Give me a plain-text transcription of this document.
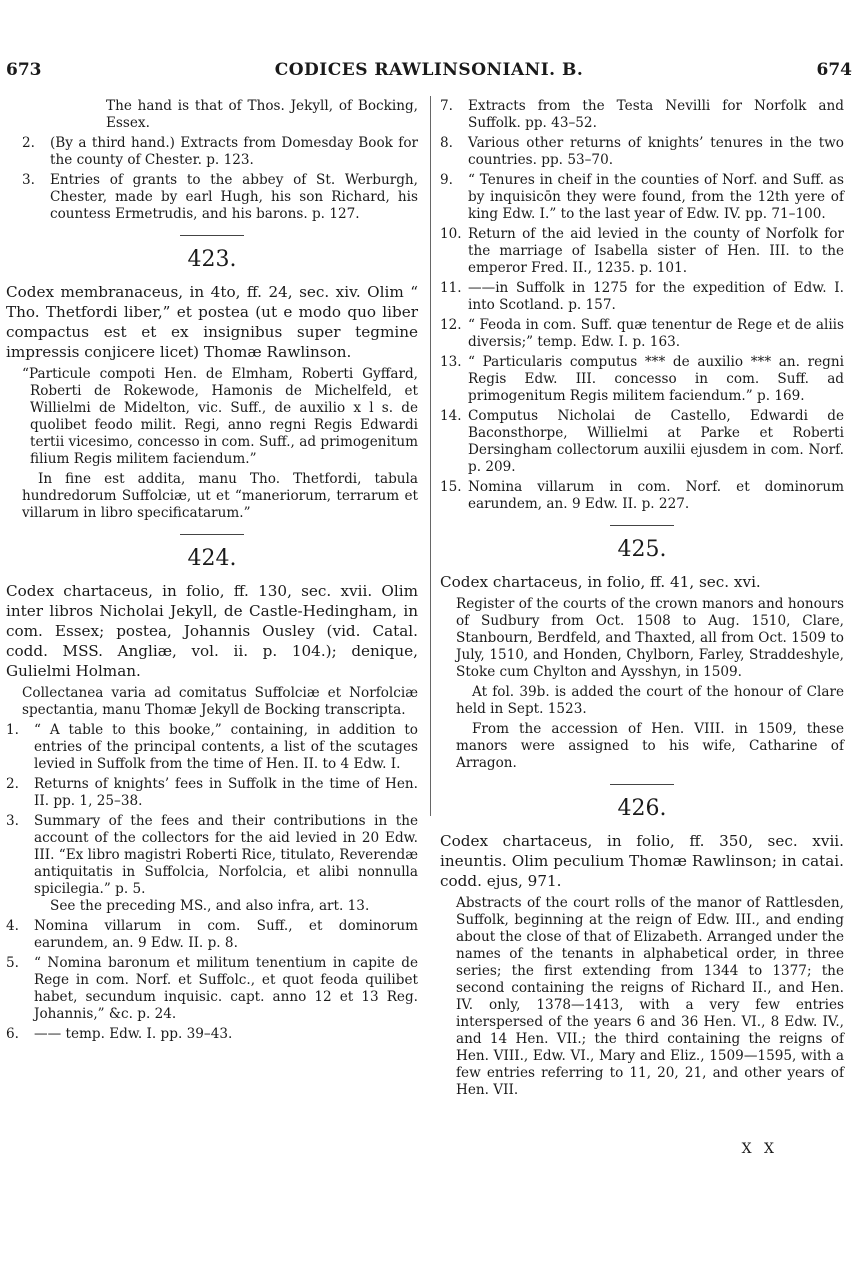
673	CODICES RAWLINSONIANI. B.	674

The hand is that of Thos. Jekyll, of Bocking, Essex.

2.	(By a third hand.) Extracts from Domesday Book for the county of Chester. p. 123.
3.	Entries of grants to the abbey of St. Werburgh, Chester, made by earl Hugh, his son Richard, his countess Ermetrudis, and his barons. p. 127.
423.

Codex membranaceus, in 4to, ff. 24, sec. xiv. Olim “ Tho. Thetfordi liber,” et postea (ut e modo quo liber compactus est et ex insignibus super tegmine impressis conjicere licet) Thomæ Rawlinson.

“Particule compoti Hen. de Elmham, Roberti Gyffard, Roberti de Rokewode, Hamonis de Michelfeld, et Willielmi de Midelton, vic. Suff., de auxilio x l s. de quolibet feodo milit. Regi, anno regni Regis Edwardi tertii vicesimo, concesso in com. Suff., ad primogenitum filium Regis militem faciendum.”

In fine est addita, manu Tho. Thetfordi, tabula hundredorum Suffolciæ, ut et “maneriorum, terrarum et villarum in libro specificatarum.”

424.

Codex chartaceus, in folio, ff. 130, sec. xvii. Olim inter libros Nicholai Jekyll, de Castle-Hedingham, in com. Essex; postea, Johannis Ousley (vid. Catal. codd. MSS. Angliæ, vol. ii. p. 104.); denique, Gulielmi Holman.

Collectanea varia ad comitatus Suffolciæ et Norfolciæ spectantia, manu Thomæ Jekyll de Bocking transcripta.

1.	“ A table to this booke,” containing, in addition to entries of the principal contents, a list of the scutages levied in Suffolk from the time of Hen. II. to 4 Edw. I.
2.	Returns of knights’ fees in Suffolk in the time of Hen. II. pp. 1, 25–38.
3.	Summary of the fees and their contributions in the account of the collectors for the aid levied in 20 Edw. III. “Ex libro magistri Roberti Rice, titulato, Reverendæ antiquitatis in Suffolcia, Norfolcia, et alibi nonnulla spicilegia.” p. 5.
See the preceding MS., and also infra, art. 13.
4.	Nomina villarum in com. Suff., et dominorum earundem, an. 9 Edw. II. p. 8.
5.	“ Nomina baronum et militum tenentium in capite de Rege in com. Norf. et Suffolc., et quot feoda quilibet habet, secundum inquisic. capt. anno 12 et 13 Reg. Johannis,” &c. p. 24.
6.	—— temp. Edw. I. pp. 39–43.
7.	Extracts from the Testa Nevilli for Norfolk and Suffolk. pp. 43–52.
8.	Various other returns of knights’ tenures in the two countries. pp. 53–70.
9.	“ Tenures in cheif in the counties of Norf. and Suff. as by inquisicōn they were found, from the 12th yere of king Edw. I.” to the last year of Edw. IV. pp. 71–100.
10. Return of the aid levied in the county of Norfolk for the marriage of Isabella sister of Hen. III. to the emperor Fred. II., 1235. p. 101.
11. ——in Suffolk in 1275 for the expedition of Edw. I. into Scotland. p. 157.
12. “ Feoda in com. Suff. quæ tenentur de Rege et de aliis diversis;” temp. Edw. I. p. 163.
13. “ Particularis computus *** de auxilio *** an. regni Regis Edw. III. concesso in com. Suff. ad primogenitum Regis militem faciendum.” p. 169.
14. Computus Nicholai de Castello, Edwardi de Baconsthorpe, Willielmi at Parke et Roberti Dersingham collectorum auxilii ejusdem in com. Norf. p. 209.
15. Nomina villarum in com. Norf. et dominorum earundem, an. 9 Edw. II. p. 227.
425.

Codex chartaceus, in folio, ff. 41, sec. xvi.

Register of the courts of the crown manors and honours of Sudbury from Oct. 1508 to Aug. 1510, Clare, Stanbourn, Berdfeld, and Thaxted, all from Oct. 1509 to July, 1510, and Honden, Chylborn, Farley, Straddeshyle, Stoke cum Chylton and Aysshyn, in 1509.

At fol. 39b. is added the court of the honour of Clare held in Sept. 1523.

From the accession of Hen. VIII. in 1509, these manors were assigned to his wife, Catharine of Arragon.

426.

Codex chartaceus, in folio, ff. 350, sec. xvii. ineuntis. Olim peculium Thomæ Rawlinson; in catai. codd. ejus, 971.

Abstracts of the court rolls of the manor of Rattlesden, Suffolk, beginning at the reign of Edw. III., and ending about the close of that of Elizabeth. Arranged under the names of the tenants in alphabetical order, in three series; the first extending from 1344 to 1377; the second containing the reigns of Richard II., and Hen. IV. only, 1378—1413, with a very few entries interspersed of the years 6 and 36 Hen. VI., 8 Edw. IV., and 14 Hen. VII.; the third containing the reigns of Hen. VIII., Edw. VI., Mary and Eliz., 1509—1595, with a few entries referring to 11, 20, 21, and other years of Hen. VII.

X X
